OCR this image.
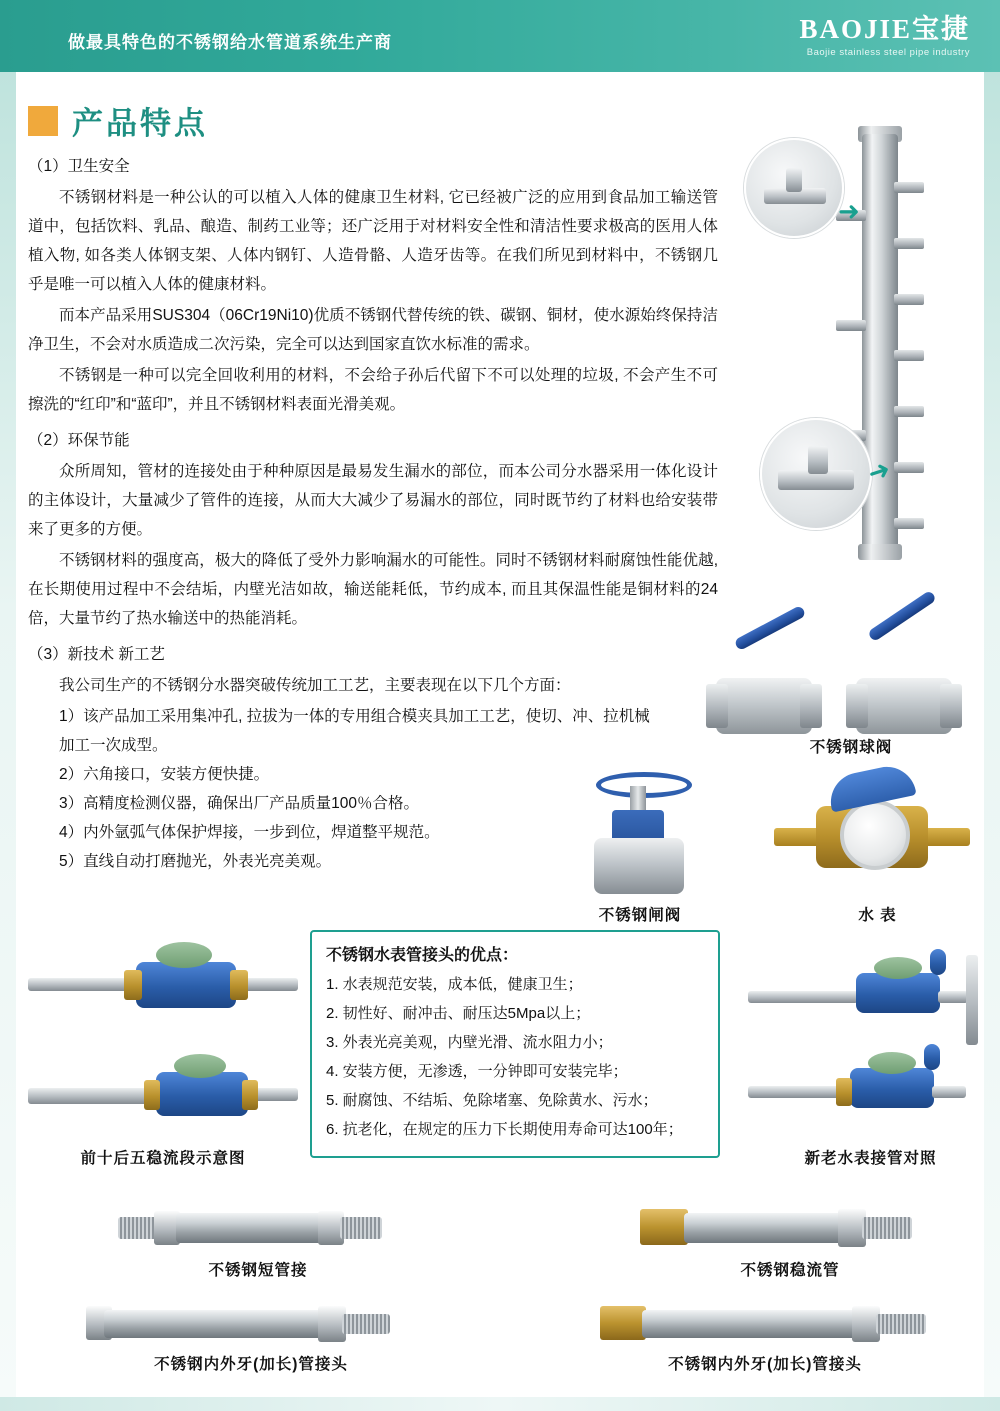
做最具特色的不锈钢给水管道系统生产商	BAOJIE宝捷
Baojie stainless steel pipe industry
产品特点

（1）卫生安全

不锈钢材料是一种公认的可以植入人体的健康卫生材料, 它已经被广泛的应用到食品加工输送管道中，包括饮料、乳品、酿造、制药工业等；还广泛用于对材料安全性和清洁性要求极高的医用人体植入物, 如各类人体钢支架、人体内钢钉、人造骨骼、人造牙齿等。在我们所见到材料中，不锈钢几乎是唯一可以植入人体的健康材料。

而本产品采用SUS304（06Cr19Ni10)优质不锈钢代替传统的铁、碳钢、铜材，使水源始终保持洁净卫生，不会对水质造成二次污染，完全可以达到国家直饮水标准的需求。

不锈钢是一种可以完全回收利用的材料，不会给子孙后代留下不可以处理的垃圾, 不会产生不可擦洗的“红印”和“蓝印”，并且不锈钢材料表面光滑美观。

（2）环保节能

众所周知，管材的连接处由于种种原因是最易发生漏水的部位，而本公司分水器采用一体化设计的主体设计，大量减少了管件的连接，从而大大减少了易漏水的部位，同时既节约了材料也给安装带来了更多的方便。

不锈钢材料的强度高，极大的降低了受外力影响漏水的可能性。同时不锈钢材料耐腐蚀性能优越, 在长期使用过程中不会结垢，内壁光洁如故，输送能耗低，节约成本, 而且其保温性能是铜材料的24倍，大量节约了热水输送中的热能消耗。

（3）新技术 新工艺

我公司生产的不锈钢分水器突破传统加工工艺，主要表现在以下几个方面：

1）该产品加工采用集冲孔, 拉拔为一体的专用组合模夹具加工工艺，使切、冲、拉机械

加工一次成型。

2）六角接口，安装方便快捷。

3）高精度检测仪器，确保出厂产品质量100％合格。

4）内外氩弧气体保护焊接，一步到位，焊道整平规范。

5）直线自动打磨抛光，外表光亮美观。

➜
➜
不锈钢球阀
不锈钢闸阀	水 表
前十后五稳流段示意图
不锈钢水表管接头的优点：
1. 水表规范安装，成本低，健康卫生；
2. 韧性好、耐冲击、耐压达5Mpa以上；
3. 外表光亮美观，内壁光滑、流水阻力小；
4. 安装方便，无渗透，一分钟即可安装完毕；
5. 耐腐蚀、不结垢、免除堵塞、免除黄水、污水；
6. 抗老化，在规定的压力下长期使用寿命可达100年；
新老水表接管对照
不锈钢短管接	不锈钢稳流管
不锈钢内外牙(加长)管接头	不锈钢内外牙(加长)管接头
